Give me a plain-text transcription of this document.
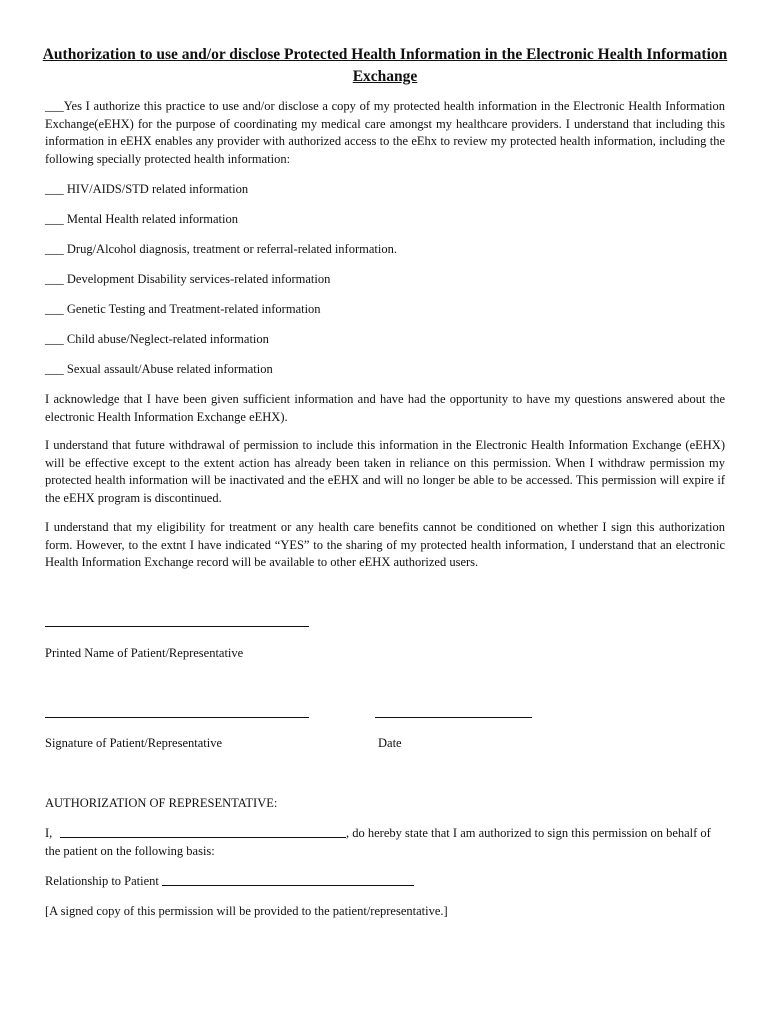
Authorization to use and/or disclose Protected Health Information in the Electronic Health Information Exchange

___Yes I authorize this practice to use and/or disclose a copy of my protected health information in the Electronic Health Information Exchange(eEHX) for the purpose of coordinating my medical care amongst my healthcare providers. I understand that including this information in eEHX enables any provider with authorized access to the eEhx to review my protected health information, including the following specially protected health information:

___ HIV/AIDS/STD related information
___ Mental Health related information
___ Drug/Alcohol diagnosis, treatment or referral-related information.
___ Development Disability services-related information
___ Genetic Testing and Treatment-related information
___ Child abuse/Neglect-related information
___ Sexual assault/Abuse related information

I acknowledge that I have been given sufficient information and have had the opportunity to have my questions answered about the electronic Health Information Exchange eEHX).

I understand that future withdrawal of permission to include this information in the Electronic Health Information Exchange (eEHX) will be effective except to the extent action has already been taken in reliance on this permission. When I withdraw permission my protected health information will be inactivated and the eEHX and will no longer be able to be accessed. This permission will expire if the eEHX program is discontinued.

I understand that my eligibility for treatment or any health care benefits cannot be conditioned on whether I sign this authorization form. However, to the extnt I have indicated “YES” to the sharing of my protected health information, I understand that an electronic Health Information Exchange record will be available to other eEHX authorized users.

Printed Name of Patient/Representative
Signature of Patient/Representative	Date
AUTHORIZATION OF REPRESENTATIVE:
I,	, do hereby state that I am authorized to sign this permission on behalf of
the patient on the following basis:
Relationship to Patient
[A signed copy of this permission will be provided to the patient/representative.]
